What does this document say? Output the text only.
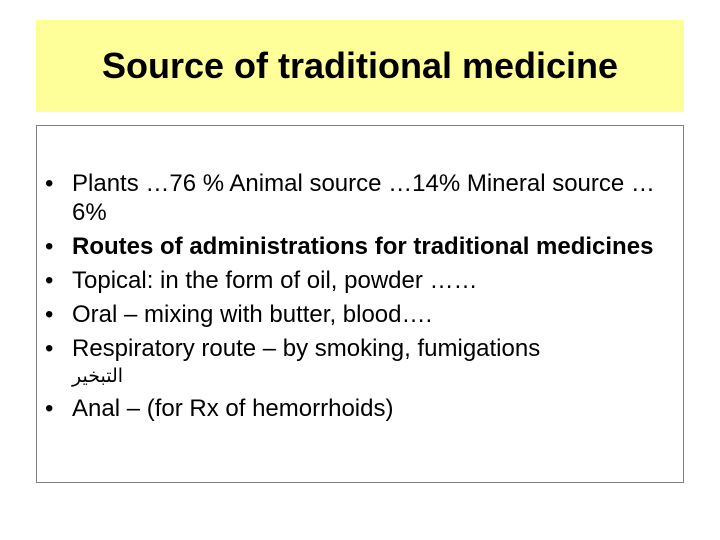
Source of traditional medicine
• Plants …76 % Animal source …14% Mineral source …6%
• Routes of administrations for traditional medicines
• Topical: in the form of oil, powder ……
• Oral – mixing with butter, blood….
• Respiratory route – by smoking, fumigations
التبخير
• Anal – (for Rx of hemorrhoids)
